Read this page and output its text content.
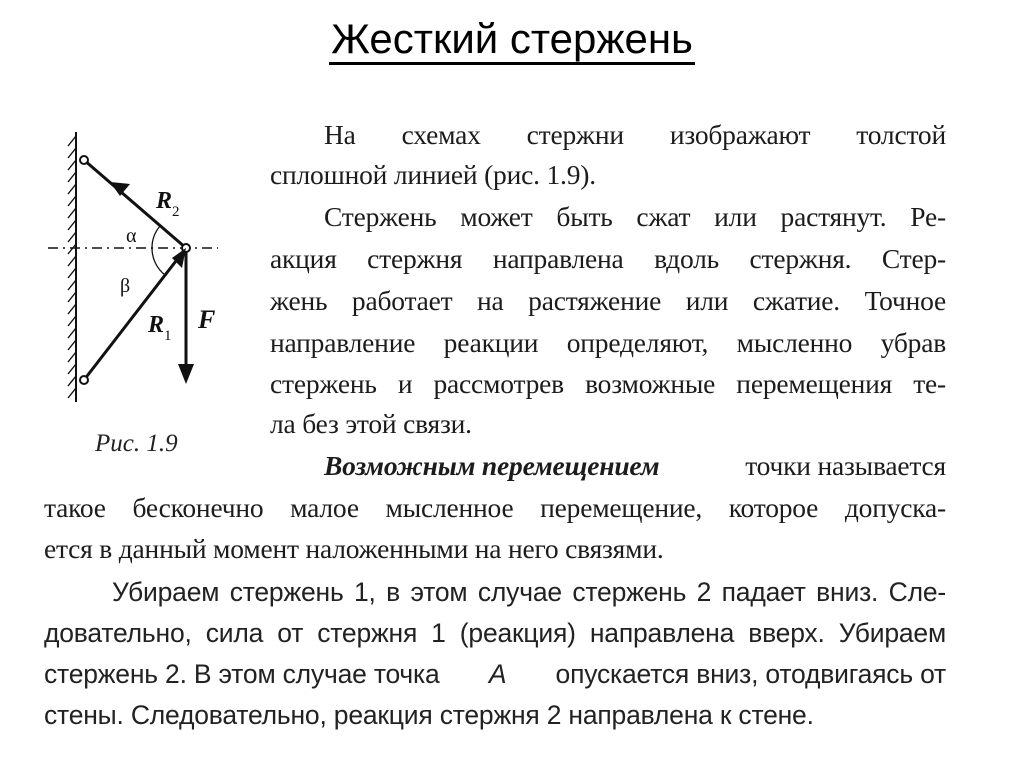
Жесткий стержень
R 2
R 1
F
α
β
Рис. 1.9
На схемах стержни изображают толстой
сплошной линией (рис. 1.9).
Стержень может быть сжат или растянут. Ре-
акция стержня направлена вдоль стержня. Стер-
жень работает на растяжение или сжатие. Точное
направление реакции определяют, мысленно убрав
стержень и рассмотрев возможные перемещения те-
ла без этой связи.
Возможным перемещением	точки называется
такое бесконечно малое мысленное перемещение, которое допуска-
ется в данный момент наложенными на него связями.
Убираем стержень 1, в этом случае стержень 2 падает вниз. Сле-
довательно, сила от стержня 1 (реакция) направлена вверх. Убираем
стержень 2. В этом случае точка A опускается вниз, отодвигаясь от
стены. Следовательно, реакция стержня 2 направлена к стене.
